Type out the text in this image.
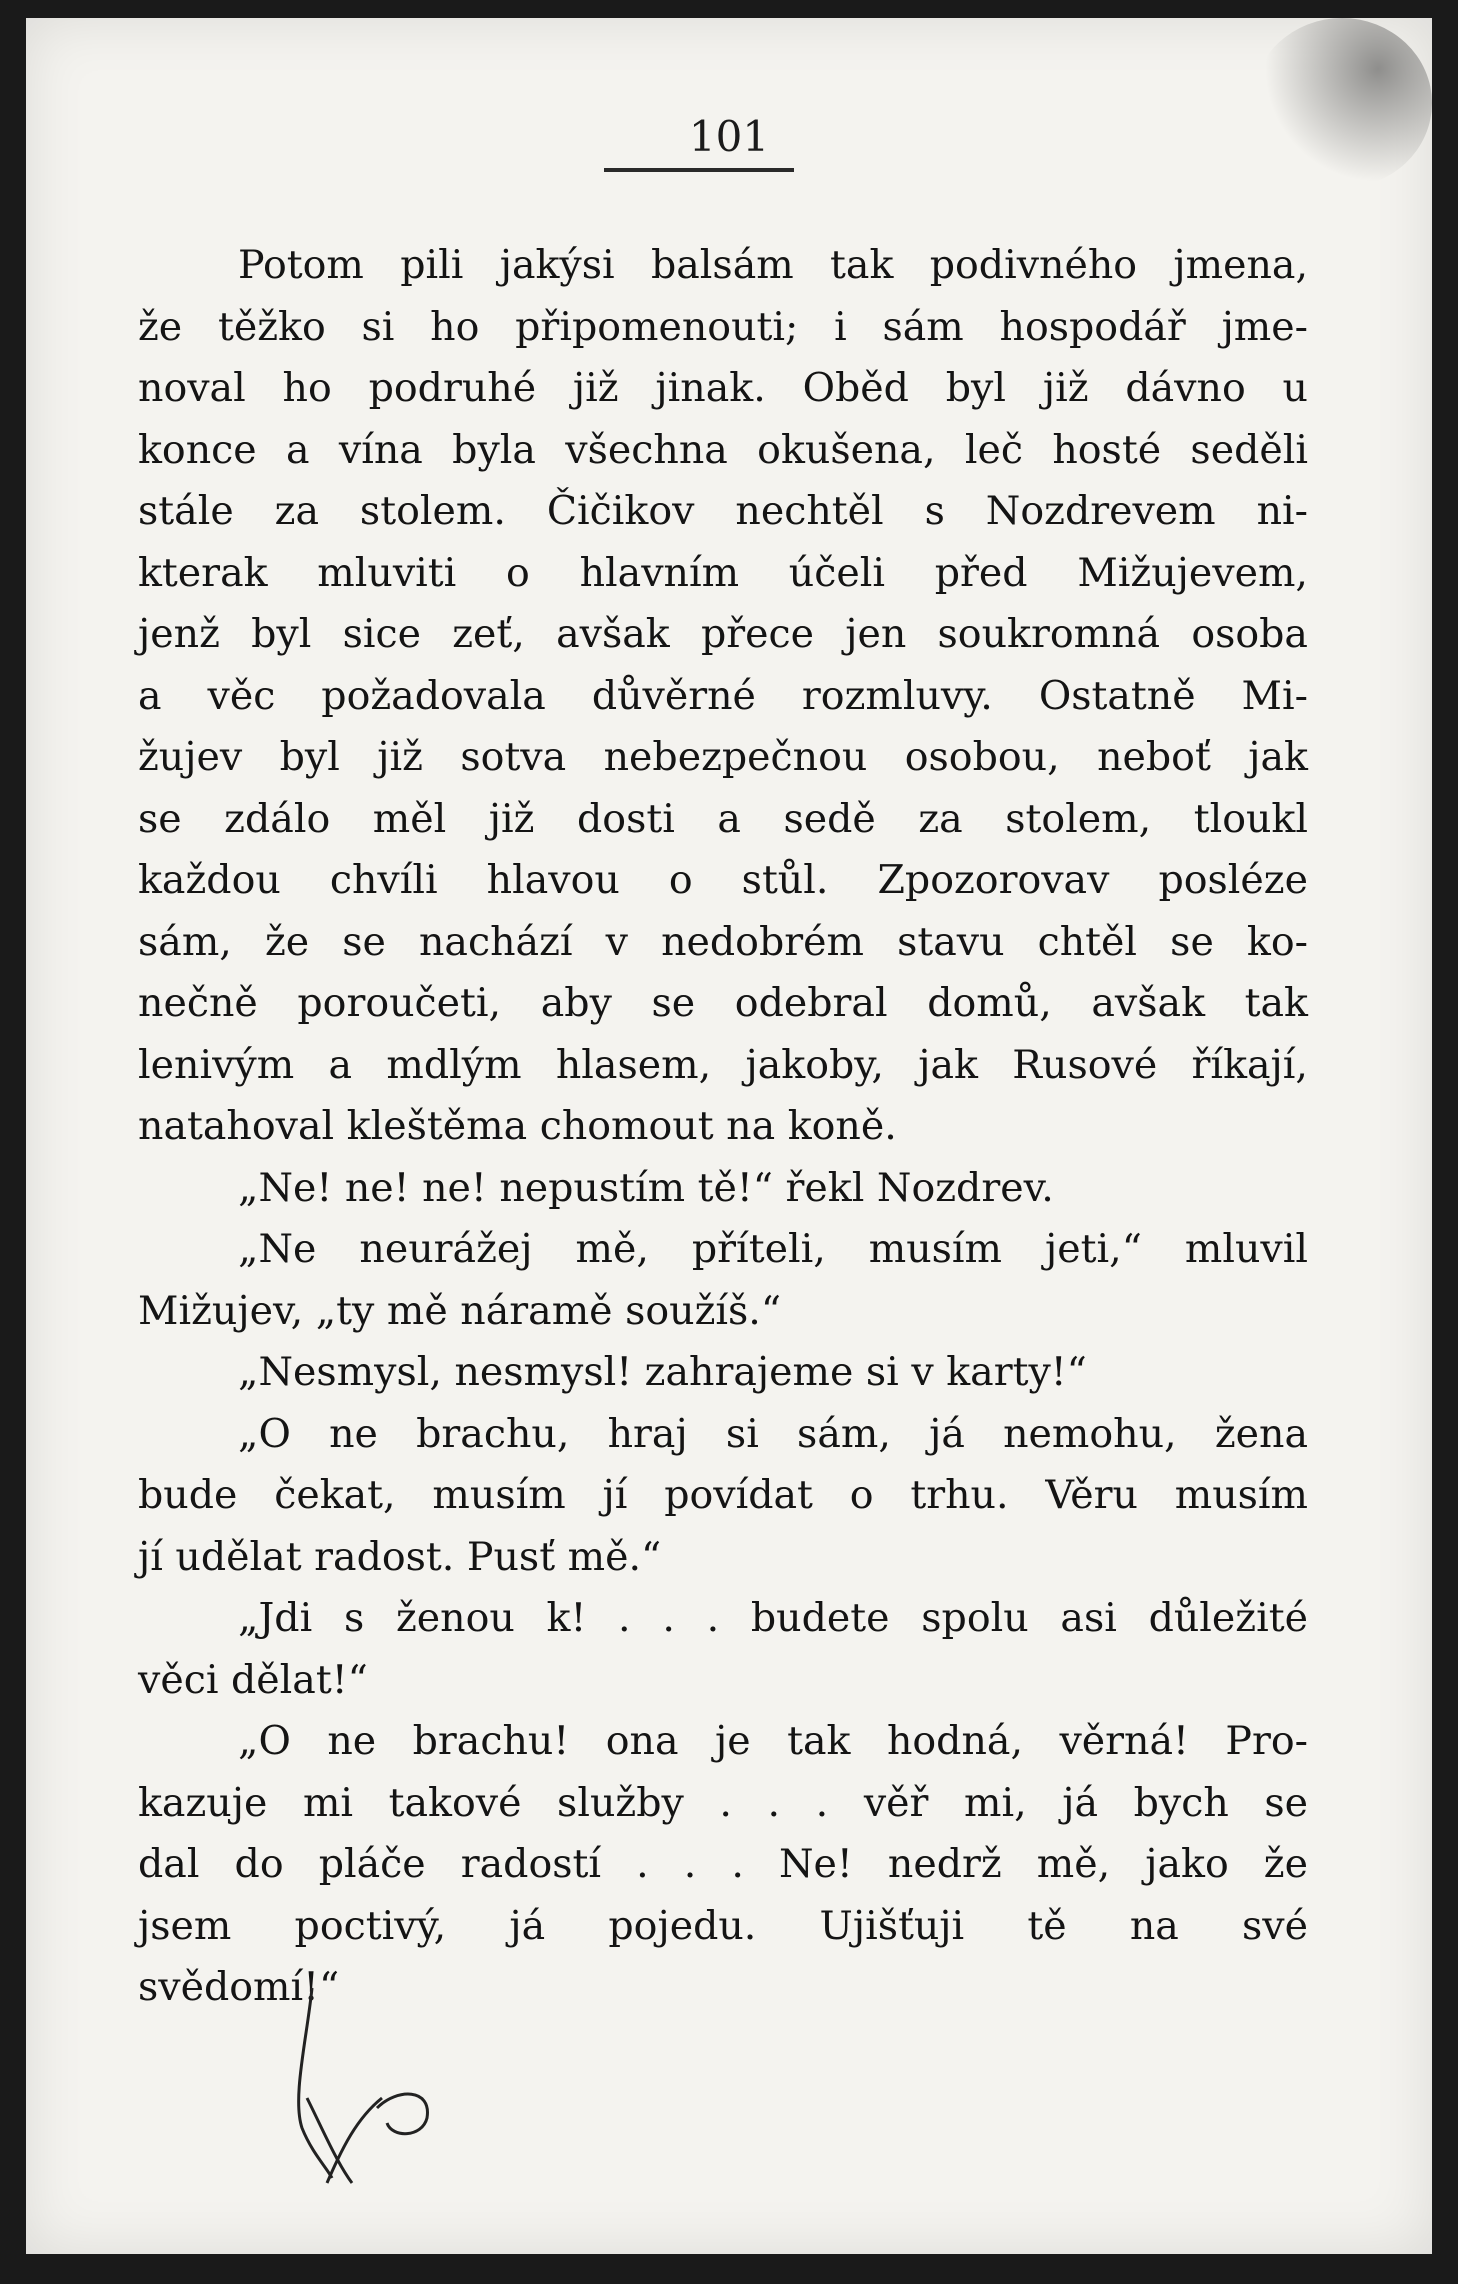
101
Potom pili jakýsi balsám tak podivného jmena,
že těžko si ho připomenouti; i sám hospodář jme-
noval ho podruhé již jinak. Oběd byl již dávno u
konce a vína byla všechna okušena, leč hosté seděli
stále za stolem. Čičikov nechtěl s Nozdrevem ni-
kterak mluviti o hlavním účeli před Mižujevem,
jenž byl sice zeť, avšak přece jen soukromná osoba
a věc požadovala důvěrné rozmluvy. Ostatně Mi-
žujev byl již sotva nebezpečnou osobou, neboť jak
se zdálo měl již dosti a sedě za stolem, tloukl
každou chvíli hlavou o stůl. Zpozorovav posléze
sám, že se nachází v nedobrém stavu chtěl se ko-
nečně poroučeti, aby se odebral domů, avšak tak
lenivým a mdlým hlasem, jakoby, jak Rusové říkají,
natahoval kleštěma chomout na koně.
„Ne! ne! ne! nepustím tě!“ řekl Nozdrev.
„Ne neurážej mě, příteli, musím jeti,“ mluvil
Mižujev, „ty mě náramě soužíš.“
„Nesmysl, nesmysl! zahrajeme si v karty!“
„O ne brachu, hraj si sám, já nemohu, žena
bude čekat, musím jí povídat o trhu. Věru musím
jí udělat radost. Pusť mě.“
„Jdi s ženou k! . . . budete spolu asi důležité
věci dělat!“
„O ne brachu! ona je tak hodná, věrná! Pro-
kazuje mi takové služby . . . věř mi, já bych se
dal do pláče radostí . . . Ne! nedrž mě, jako že
jsem poctivý, já pojedu. Ujišťuji tě na své
svědomí!“
